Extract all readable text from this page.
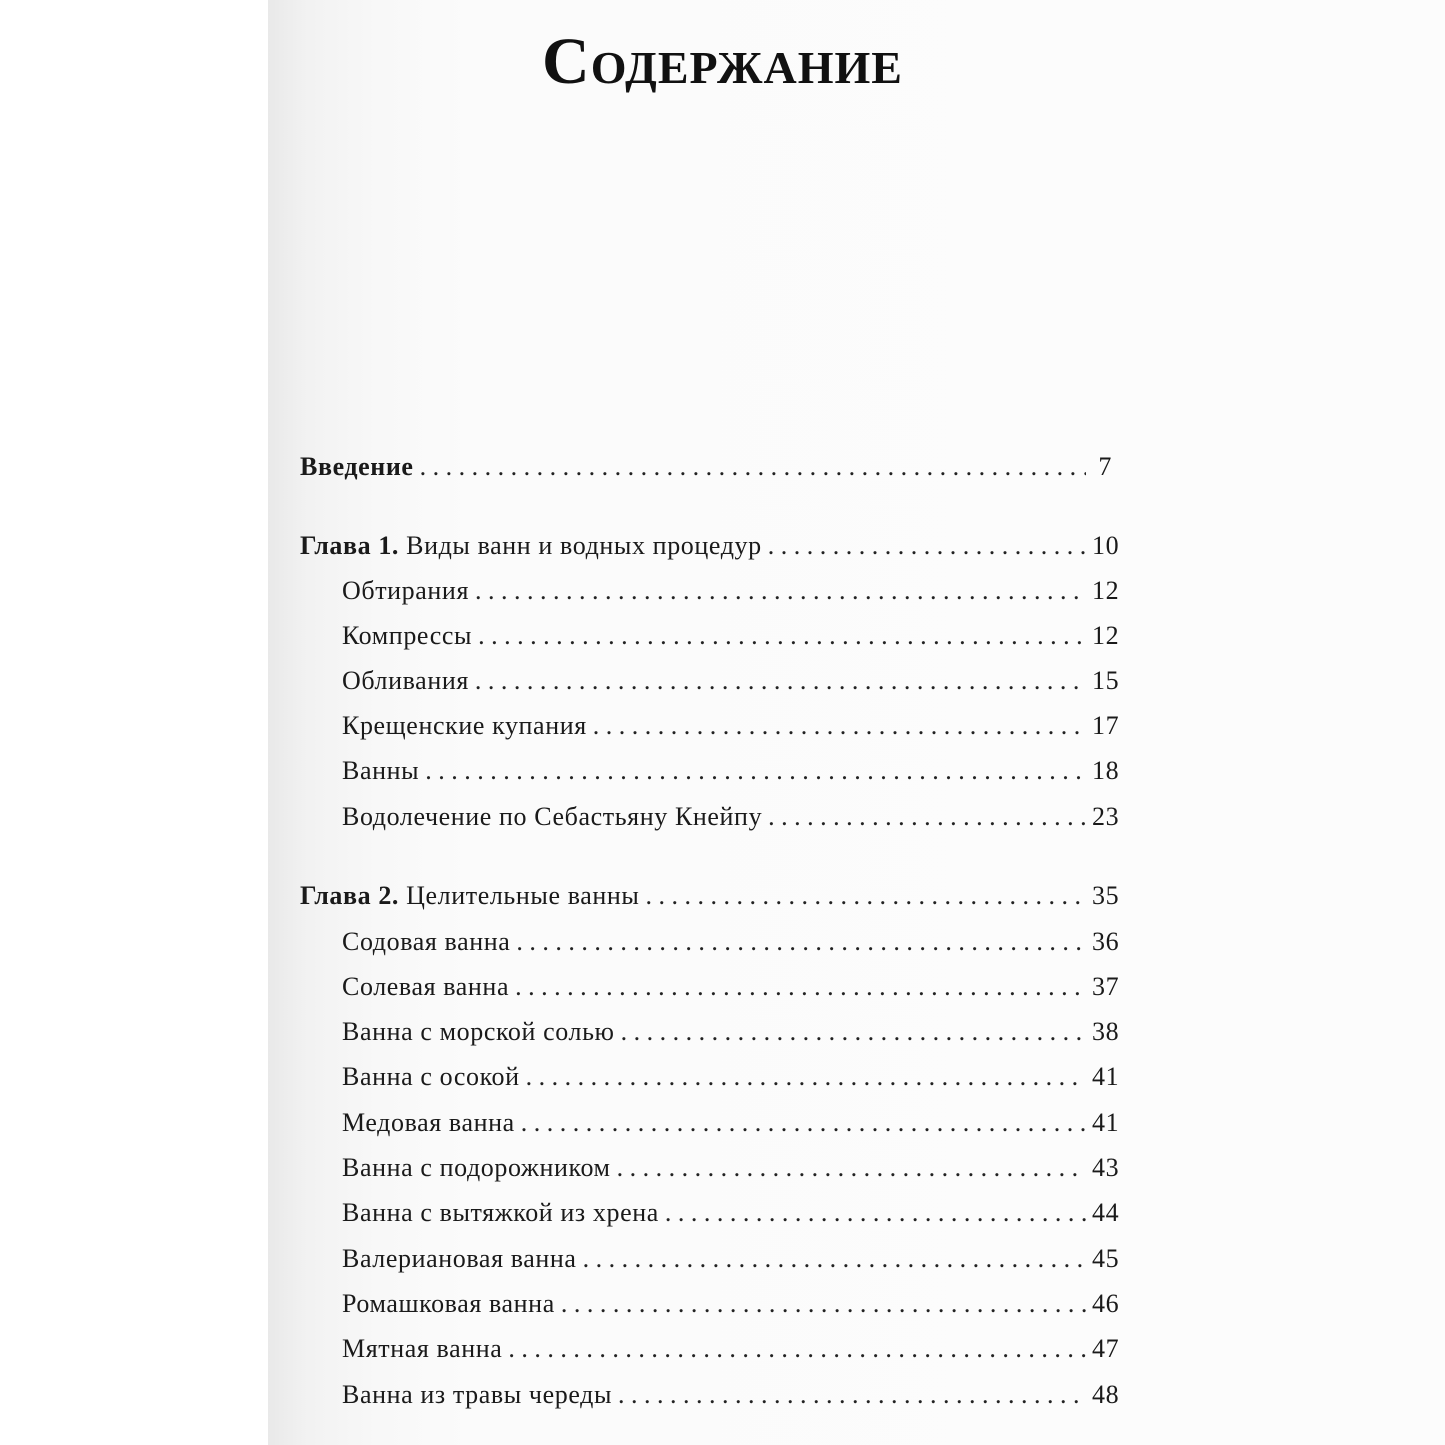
Содержание
Введение . . .	7
Глава 1. Виды ванн и водных процедур . . .	10
Обтирания . . .	12
Компрессы . . .	12
Обливания . . .	15
Крещенские купания . . .	17
Ванны . . .	18
Водолечение по Себастьяну Кнейпу . . .	23
Глава 2. Целительные ванны . . .	35
Содовая ванна . . .	36
Солевая ванна . . .	37
Ванна с морской солью . . .	38
Ванна с осокой . . .	41
Медовая ванна . . .	41
Ванна с подорожником . . .	43
Ванна с вытяжкой из хрена . . .	44
Валериановая ванна . . .	45
Ромашковая ванна . . .	46
Мятная ванна . . .	47
Ванна из травы череды . . .	48
